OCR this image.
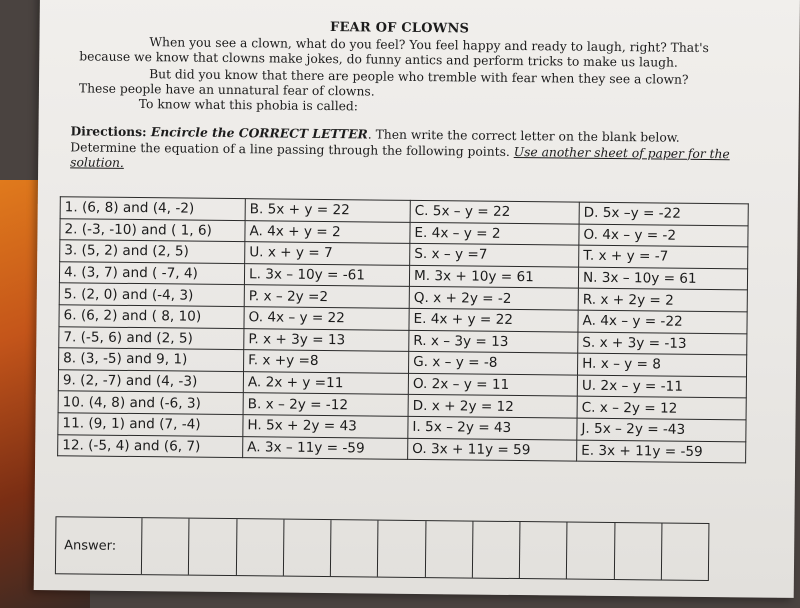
FEAR OF CLOWNS
When you see a clown, what do you feel? You feel happy and ready to laugh, right? That's because we know that clowns make jokes, do funny antics and perform tricks to make us laugh.
But did you know that there are people who tremble with fear when they see a clown? These people have an unnatural fear of clowns.
To know what this phobia is called:
Directions: Encircle the CORRECT LETTER. Then write the correct letter on the blank below.
Determine the equation of a line passing through the following points. Use another sheet of paper for the solution.
1. (6, 8) and (4, -2)	B. 5x + y = 22	C. 5x – y = 22	D. 5x –y = -22
2. (-3, -10) and ( 1, 6)	A. 4x + y = 2	E. 4x – y = 2	O. 4x – y = -2
3. (5, 2) and (2, 5)	U. x + y = 7	S. x – y =7	T. x + y = -7
4. (3, 7) and ( -7, 4)	L. 3x – 10y = -61	M. 3x + 10y = 61	N. 3x – 10y = 61
5. (2, 0) and (-4, 3)	P. x – 2y =2	Q. x + 2y = -2	R. x + 2y = 2
6. (6, 2) and ( 8, 10)	O. 4x – y = 22	E. 4x + y = 22	A. 4x – y = -22
7. (-5, 6) and (2, 5)	P. x + 3y = 13	R. x – 3y = 13	S. x + 3y = -13
8. (3, -5) and 9, 1)	F. x +y =8	G. x – y = -8	H. x – y = 8
9. (2, -7) and (4, -3)	A. 2x + y =11	O. 2x – y = 11	U. 2x – y = -11
10. (4, 8) and (-6, 3)	B. x – 2y = -12	D. x + 2y = 12	C. x – 2y = 12
11. (9, 1) and (7, -4)	H. 5x + 2y = 43	I. 5x – 2y = 43	J. 5x – 2y = -43
12. (-5, 4) and (6, 7)	A. 3x – 11y = -59	O. 3x + 11y = 59	E. 3x + 11y = -59
Answer:
